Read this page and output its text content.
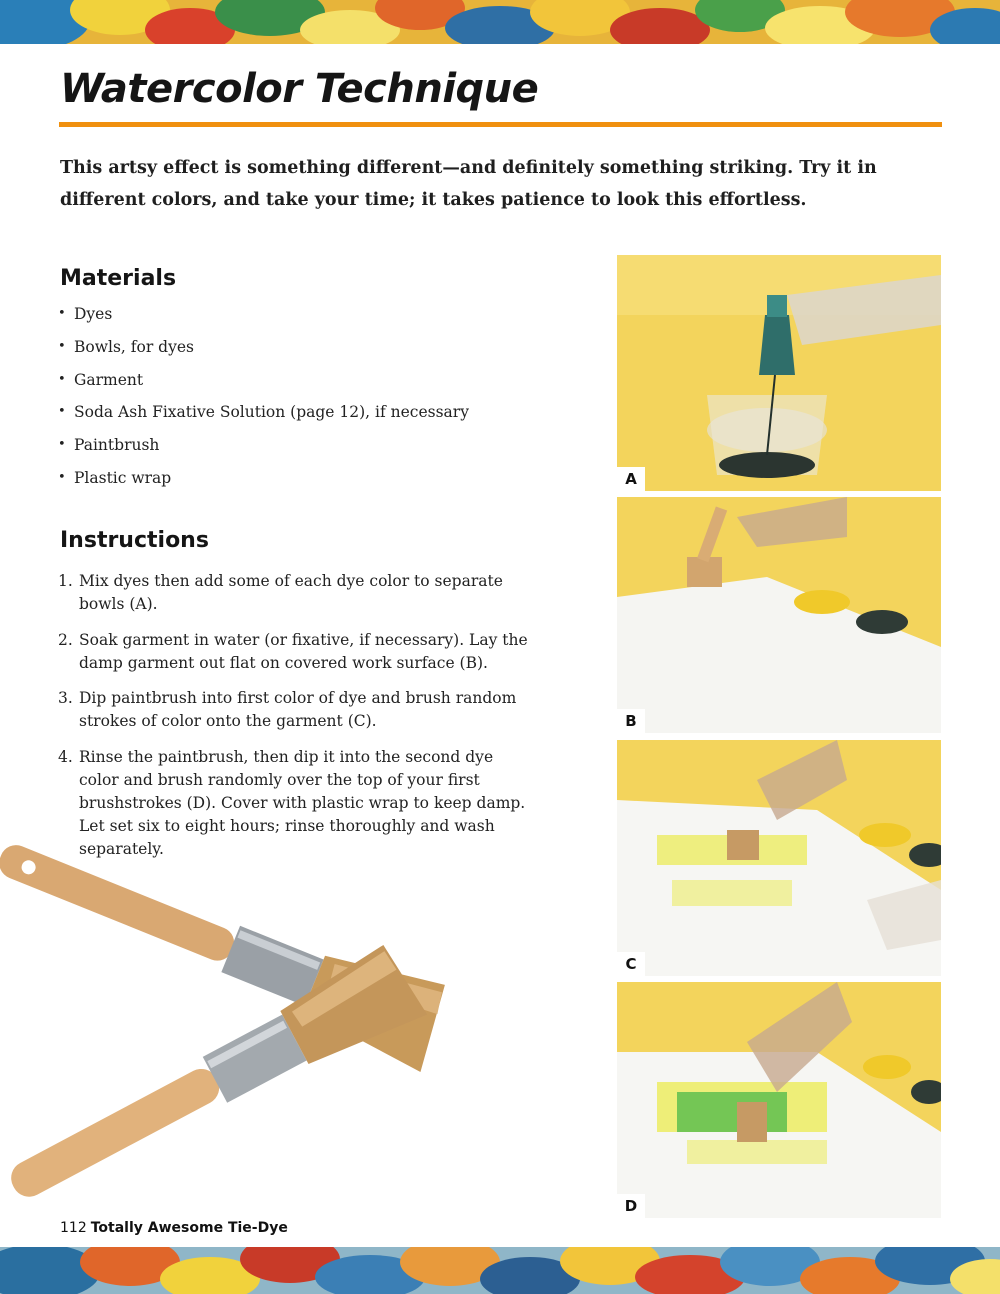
Watercolor Technique

This artsy effect is something different—and definitely something striking. Try it in different colors, and take your time; it takes patience to look this effortless.

Materials
• Dyes
• Bowls, for dyes
• Garment
• Soda Ash Fixative Solution (page 12), if necessary
• Paintbrush
• Plastic wrap
Instructions
1. Mix dyes then add some of each dye color to separate bowls (A).
2. Soak garment in water (or fixative, if necessary). Lay the damp garment out flat on covered work surface (B).
3. Dip paintbrush into first color of dye and brush random strokes of color onto the garment (C).
4. Rinse the paintbrush, then dip it into the second dye color and brush randomly over the top of your first brushstrokes (D). Cover with plastic wrap to keep damp. Let set six to eight hours; rinse thoroughly and wash separately.
A
B
C
D
112 Totally Awesome Tie-Dye
